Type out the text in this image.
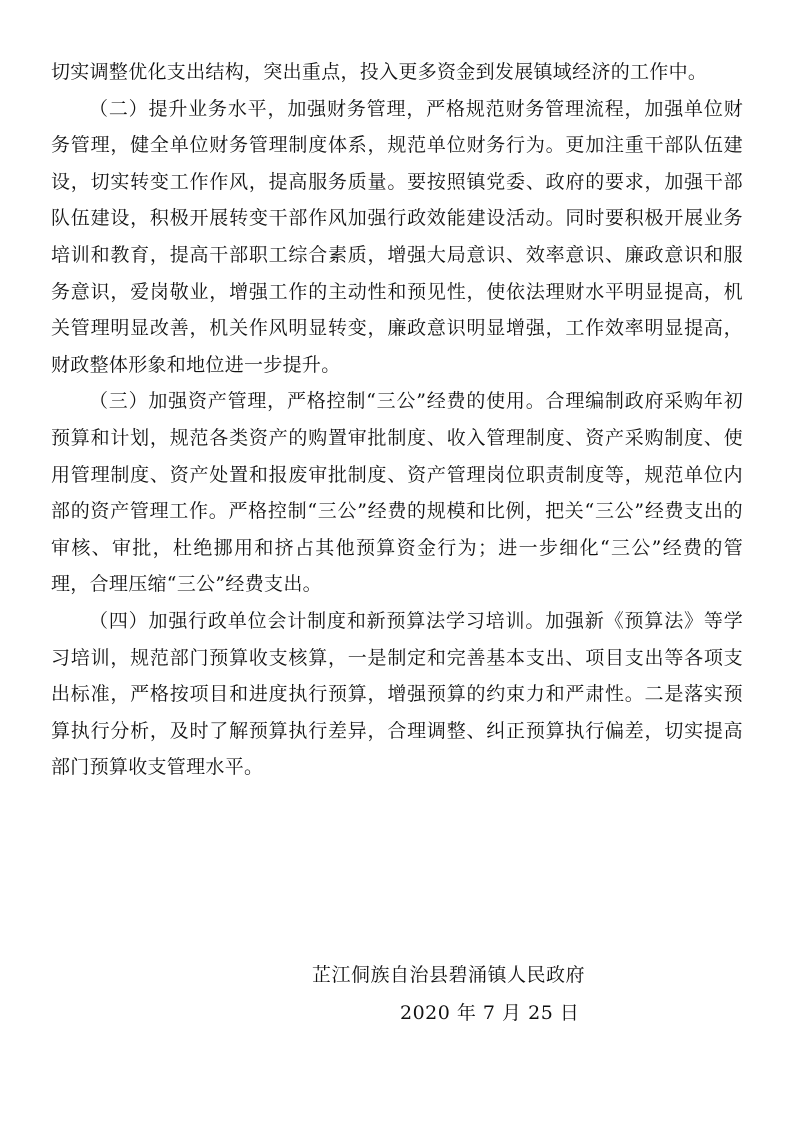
切实调整优化支出结构，突出重点，投入更多资金到发展镇域经济的工作中。

（二）提升业务水平，加强财务管理，严格规范财务管理流程，加强单位财务管理，健全单位财务管理制度体系，规范单位财务行为。更加注重干部队伍建设，切实转变工作作风，提高服务质量。要按照镇党委、政府的要求，加强干部队伍建设，积极开展转变干部作风加强行政效能建设活动。同时要积极开展业务培训和教育，提高干部职工综合素质，增强大局意识、效率意识、廉政意识和服务意识，爱岗敬业，增强工作的主动性和预见性，使依法理财水平明显提高，机关管理明显改善，机关作风明显转变，廉政意识明显增强，工作效率明显提高，财政整体形象和地位进一步提升。

（三）加强资产管理，严格控制“三公”经费的使用。合理编制政府采购年初预算和计划，规范各类资产的购置审批制度、收入管理制度、资产采购制度、使用管理制度、资产处置和报废审批制度、资产管理岗位职责制度等，规范单位内部的资产管理工作。严格控制“三公”经费的规模和比例，把关“三公”经费支出的审核、审批，杜绝挪用和挤占其他预算资金行为；进一步细化“三公”经费的管理，合理压缩“三公”经费支出。

（四）加强行政单位会计制度和新预算法学习培训。加强新《预算法》等学习培训，规范部门预算收支核算，一是制定和完善基本支出、项目支出等各项支出标准，严格按项目和进度执行预算，增强预算的约束力和严肃性。二是落实预算执行分析，及时了解预算执行差异，合理调整、纠正预算执行偏差，切实提高部门预算收支管理水平。

芷江侗族自治县碧涌镇人民政府
2020 年 7 月 25 日
